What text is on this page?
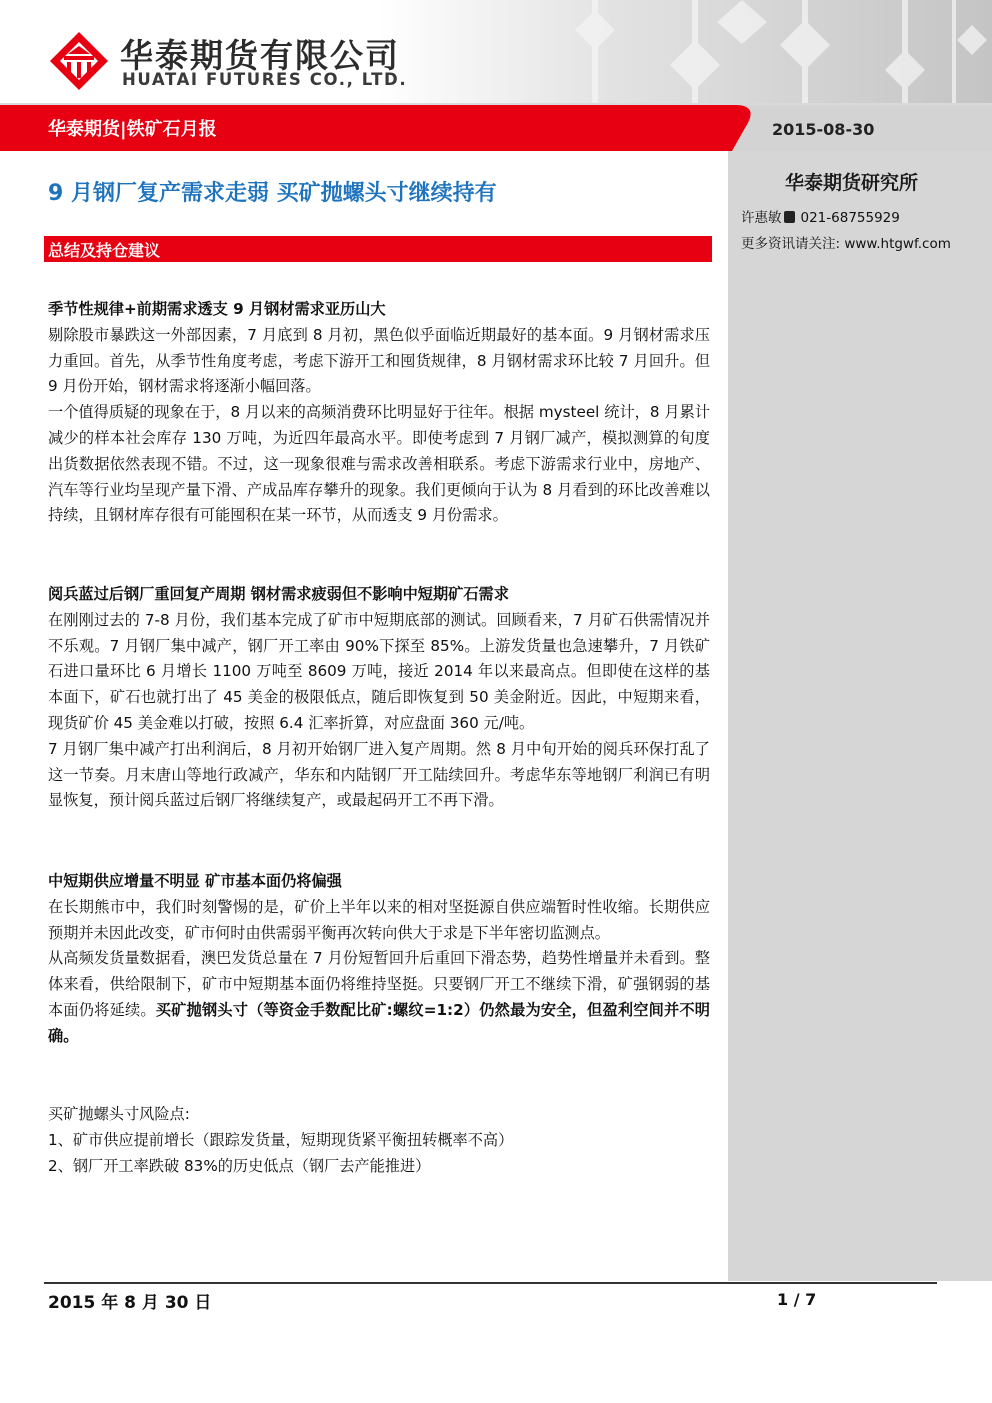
华泰期货有限公司
HUATAI FUTURES CO., LTD.
华泰期货|铁矿石月报	2015-08-30
华泰期货研究所
许惠敏 021-68755929
更多资讯请关注: www.htgwf.com
9 月钢厂复产需求走弱 买矿抛螺头寸继续持有
总结及持仓建议

季节性规律+前期需求透支 9 月钢材需求亚历山大

剔除股市暴跌这一外部因素，7 月底到 8 月初，黑色似乎面临近期最好的基本面。9 月钢材需求压力重回。首先，从季节性角度考虑，考虑下游开工和囤货规律，8 月钢材需求环比较 7 月回升。但 9 月份开始，钢材需求将逐渐小幅回落。

一个值得质疑的现象在于，8 月以来的高频消费环比明显好于往年。根据 mysteel 统计，8 月累计减少的样本社会库存 130 万吨，为近四年最高水平。即使考虑到 7 月钢厂减产，模拟测算的旬度出货数据依然表现不错。不过，这一现象很难与需求改善相联系。考虑下游需求行业中，房地产、汽车等行业均呈现产量下滑、产成品库存攀升的现象。我们更倾向于认为 8 月看到的环比改善难以持续，且钢材库存很有可能囤积在某一环节，从而透支 9 月份需求。

阅兵蓝过后钢厂重回复产周期 钢材需求疲弱但不影响中短期矿石需求

在刚刚过去的 7-8 月份，我们基本完成了矿市中短期底部的测试。回顾看来，7 月矿石供需情况并不乐观。7 月钢厂集中减产，钢厂开工率由 90%下探至 85%。上游发货量也急速攀升，7 月铁矿石进口量环比 6 月增长 1100 万吨至 8609 万吨，接近 2014 年以来最高点。但即使在这样的基本面下，矿石也就打出了 45 美金的极限低点，随后即恢复到 50 美金附近。因此，中短期来看，现货矿价 45 美金难以打破，按照 6.4 汇率折算，对应盘面 360 元/吨。

7 月钢厂集中减产打出利润后，8 月初开始钢厂进入复产周期。然 8 月中旬开始的阅兵环保打乱了这一节奏。月末唐山等地行政减产，华东和内陆钢厂开工陆续回升。考虑华东等地钢厂利润已有明显恢复，预计阅兵蓝过后钢厂将继续复产，或最起码开工不再下滑。

中短期供应增量不明显 矿市基本面仍将偏强

在长期熊市中，我们时刻警惕的是，矿价上半年以来的相对坚挺源自供应端暂时性收缩。长期供应预期并未因此改变，矿市何时由供需弱平衡再次转向供大于求是下半年密切监测点。

从高频发货量数据看，澳巴发货总量在 7 月份短暂回升后重回下滑态势，趋势性增量并未看到。整体来看，供给限制下，矿市中短期基本面仍将维持坚挺。只要钢厂开工不继续下滑，矿强钢弱的基本面仍将延续。买矿抛钢头寸（等资金手数配比矿:螺纹=1:2）仍然最为安全，但盈利空间并不明确。

买矿抛螺头寸风险点:

1、矿市供应提前增长（跟踪发货量，短期现货紧平衡扭转概率不高）

2、钢厂开工率跌破 83%的历史低点（钢厂去产能推进）

2015 年 8 月 30 日	1 / 7
